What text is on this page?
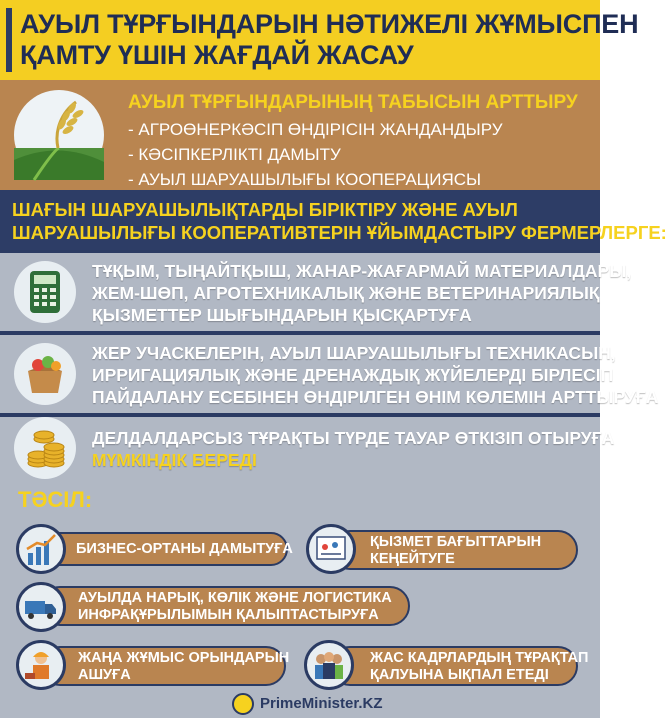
АУЫЛ ТҰРҒЫНДАРЫН НӘТИЖЕЛІ ЖҰМЫСПЕН
ҚАМТУ ҮШІН ЖАҒДАЙ ЖАСАУ
АУЫЛ ТҰРҒЫНДАРЫНЫҢ ТАБЫСЫН АРТТЫРУ
- АГРОӨНЕРКӘСІП ӨНДІРІСІН ЖАНДАНДЫРУ
- КӘСІПКЕРЛІКТІ ДАМЫТУ
- АУЫЛ ШАРУАШЫЛЫҒЫ КООПЕРАЦИЯСЫ
ШАҒЫН ШАРУАШЫЛЫҚТАРДЫ БІРІКТІРУ ЖӘНЕ АУЫЛ
ШАРУАШЫЛЫҒЫ КООПЕРАТИВТЕРІН ҰЙЫМДАСТЫРУ ФЕРМЕРЛЕРГЕ:
ТҰҚЫМ, ТЫҢАЙТҚЫШ, ЖАНАР-ЖАҒАРМАЙ МАТЕРИАЛДАРЫ,
ЖЕМ-ШӨП, АГРОТЕХНИКАЛЫҚ ЖӘНЕ ВЕТЕРИНАРИЯЛЫҚ
ҚЫЗМЕТТЕР ШЫҒЫНДАРЫН ҚЫСҚАРТУҒА
ЖЕР УЧАСКЕЛЕРІН, АУЫЛ ШАРУАШЫЛЫҒЫ ТЕХНИКАСЫН,
ИРРИГАЦИЯЛЫҚ ЖӘНЕ ДРЕНАЖДЫҚ ЖҮЙЕЛЕРДІ БІРЛЕСІП
ПАЙДАЛАНУ ЕСЕБІНЕН ӨНДІРІЛГЕН ӨНІМ КӨЛЕМІН АРТТЫРУҒА
ДЕЛДАЛДАРСЫЗ ТҰРАҚТЫ ТҮРДЕ ТАУАР ӨТКІЗІП ОТЫРУҒА
МҮМКІНДІК БЕРЕДІ
ТӘСІЛ:
БИЗНЕС-ОРТАНЫ ДАМЫТУҒА	ҚЫЗМЕТ БАҒЫТТАРЫН
КЕҢЕЙТУГЕ
АУЫЛДА НАРЫҚ, КӨЛІК ЖӘНЕ ЛОГИСТИКА
ИНФРАҚҰРЫЛЫМЫН ҚАЛЫПТАСТЫРУҒА
ЖАҢА ЖҰМЫС ОРЫНДАРЫН
АШУҒА
ЖАС КАДРЛАРДЫҢ ТҰРАҚТАП
ҚАЛУЫНА ЫҚПАЛ ЕТЕДІ
PrimeMinister.KZ
